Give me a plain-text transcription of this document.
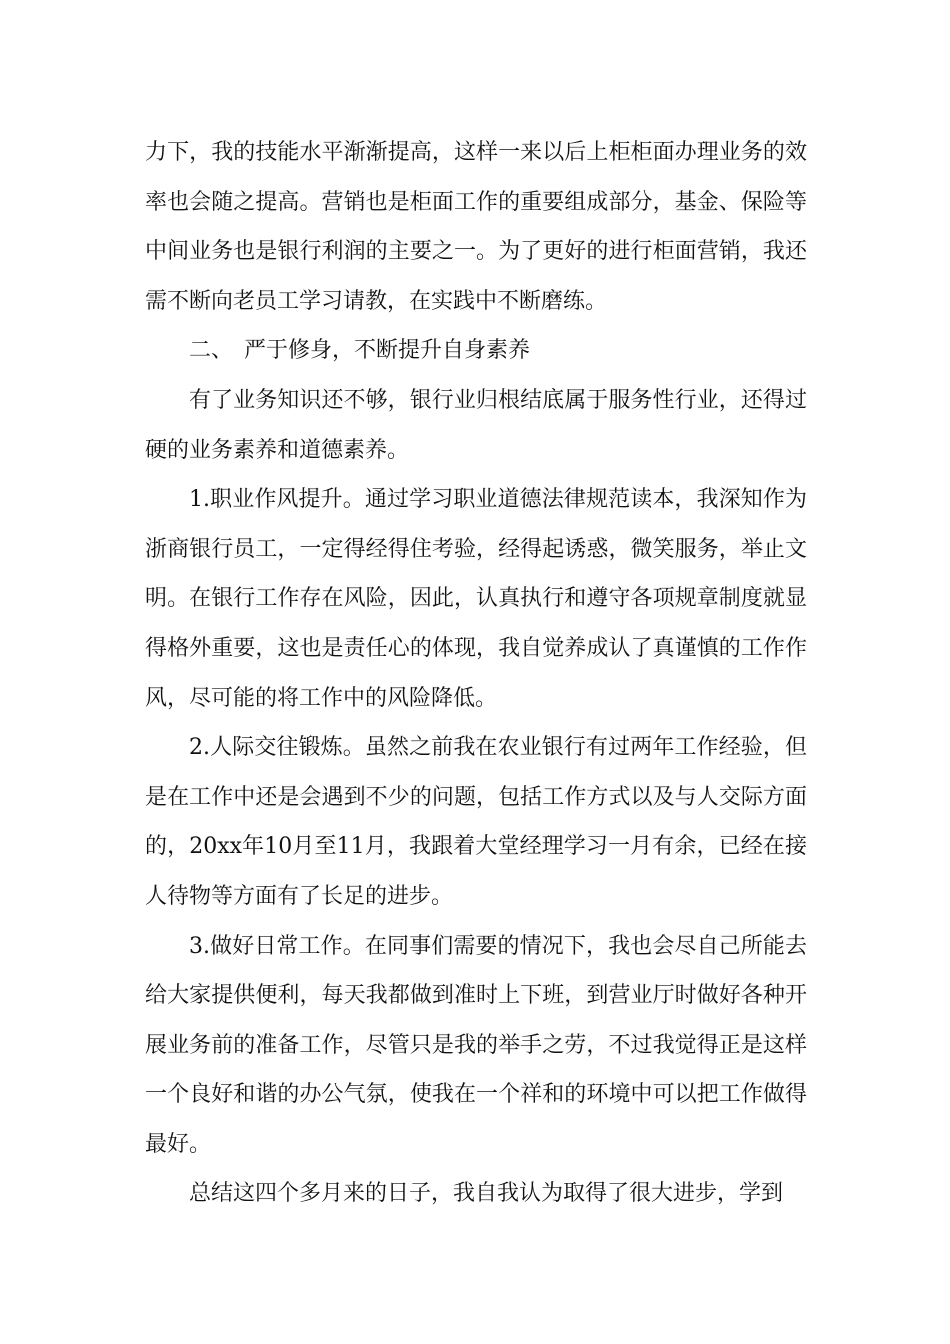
力下，我的技能水平渐渐提高，这样一来以后上柜柜面办理业务的效率也会随之提高。营销也是柜面工作的重要组成部分，基金、保险等中间业务也是银行利润的主要之一。为了更好的进行柜面营销，我还需不断向老员工学习请教，在实践中不断磨练。

二、　严于修身，不断提升自身素养

有了业务知识还不够，银行业归根结底属于服务性行业，还得过硬的业务素养和道德素养。

1.职业作风提升。通过学习职业道德法律规范读本，我深知作为浙商银行员工，一定得经得住考验，经得起诱惑，微笑服务，举止文明。在银行工作存在风险，因此，认真执行和遵守各项规章制度就显得格外重要，这也是责任心的体现，我自觉养成认了真谨慎的工作作风，尽可能的将工作中的风险降低。

2.人际交往锻炼。虽然之前我在农业银行有过两年工作经验，但是在工作中还是会遇到不少的问题，包括工作方式以及与人交际方面的，20xx年10月至11月，我跟着大堂经理学习一月有余，已经在接人待物等方面有了长足的进步。

3.做好日常工作。在同事们需要的情况下，我也会尽自己所能去给大家提供便利，每天我都做到准时上下班，到营业厅时做好各种开展业务前的准备工作，尽管只是我的举手之劳，不过我觉得正是这样一个良好和谐的办公气氛，使我在一个祥和的环境中可以把工作做得最好。

总结这四个多月来的日子，我自我认为取得了很大进步，学到
